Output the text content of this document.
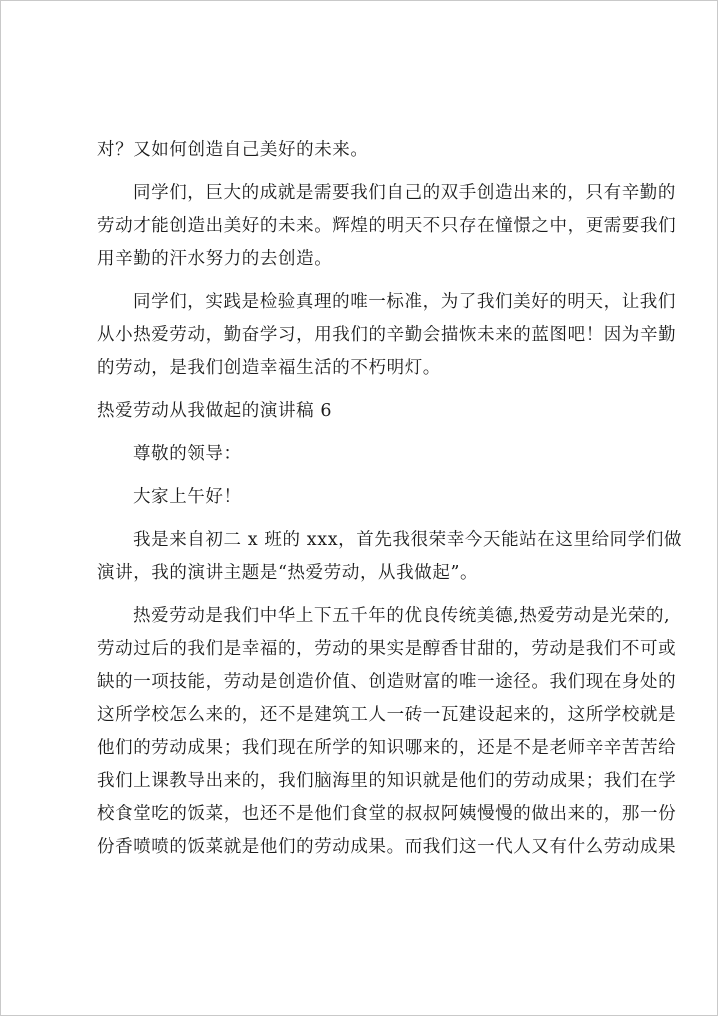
对？又如何创造自己美好的未来。
同学们，巨大的成就是需要我们自己的双手创造出来的，只有辛勤的
劳动才能创造出美好的未来。辉煌的明天不只存在憧憬之中，更需要我们
用辛勤的汗水努力的去创造。
同学们，实践是检验真理的唯一标准，为了我们美好的明天，让我们
从小热爱劳动，勤奋学习，用我们的辛勤会描恢未来的蓝图吧！因为辛勤
的劳动，是我们创造幸福生活的不朽明灯。
热爱劳动从我做起的演讲稿 6
尊敬的领导：
大家上午好！
我是来自初二 x 班的 xxx，首先我很荣幸今天能站在这里给同学们做
演讲，我的演讲主题是“热爱劳动，从我做起”。
热爱劳动是我们中华上下五千年的优良传统美德,热爱劳动是光荣的,
劳动过后的我们是幸福的，劳动的果实是醇香甘甜的，劳动是我们不可或
缺的一项技能，劳动是创造价值、创造财富的唯一途径。我们现在身处的
这所学校怎么来的，还不是建筑工人一砖一瓦建设起来的，这所学校就是
他们的劳动成果；我们现在所学的知识哪来的，还是不是老师辛辛苦苦给
我们上课教导出来的，我们脑海里的知识就是他们的劳动成果；我们在学
校食堂吃的饭菜，也还不是他们食堂的叔叔阿姨慢慢的做出来的，那一份
份香喷喷的饭菜就是他们的劳动成果。而我们这一代人又有什么劳动成果
